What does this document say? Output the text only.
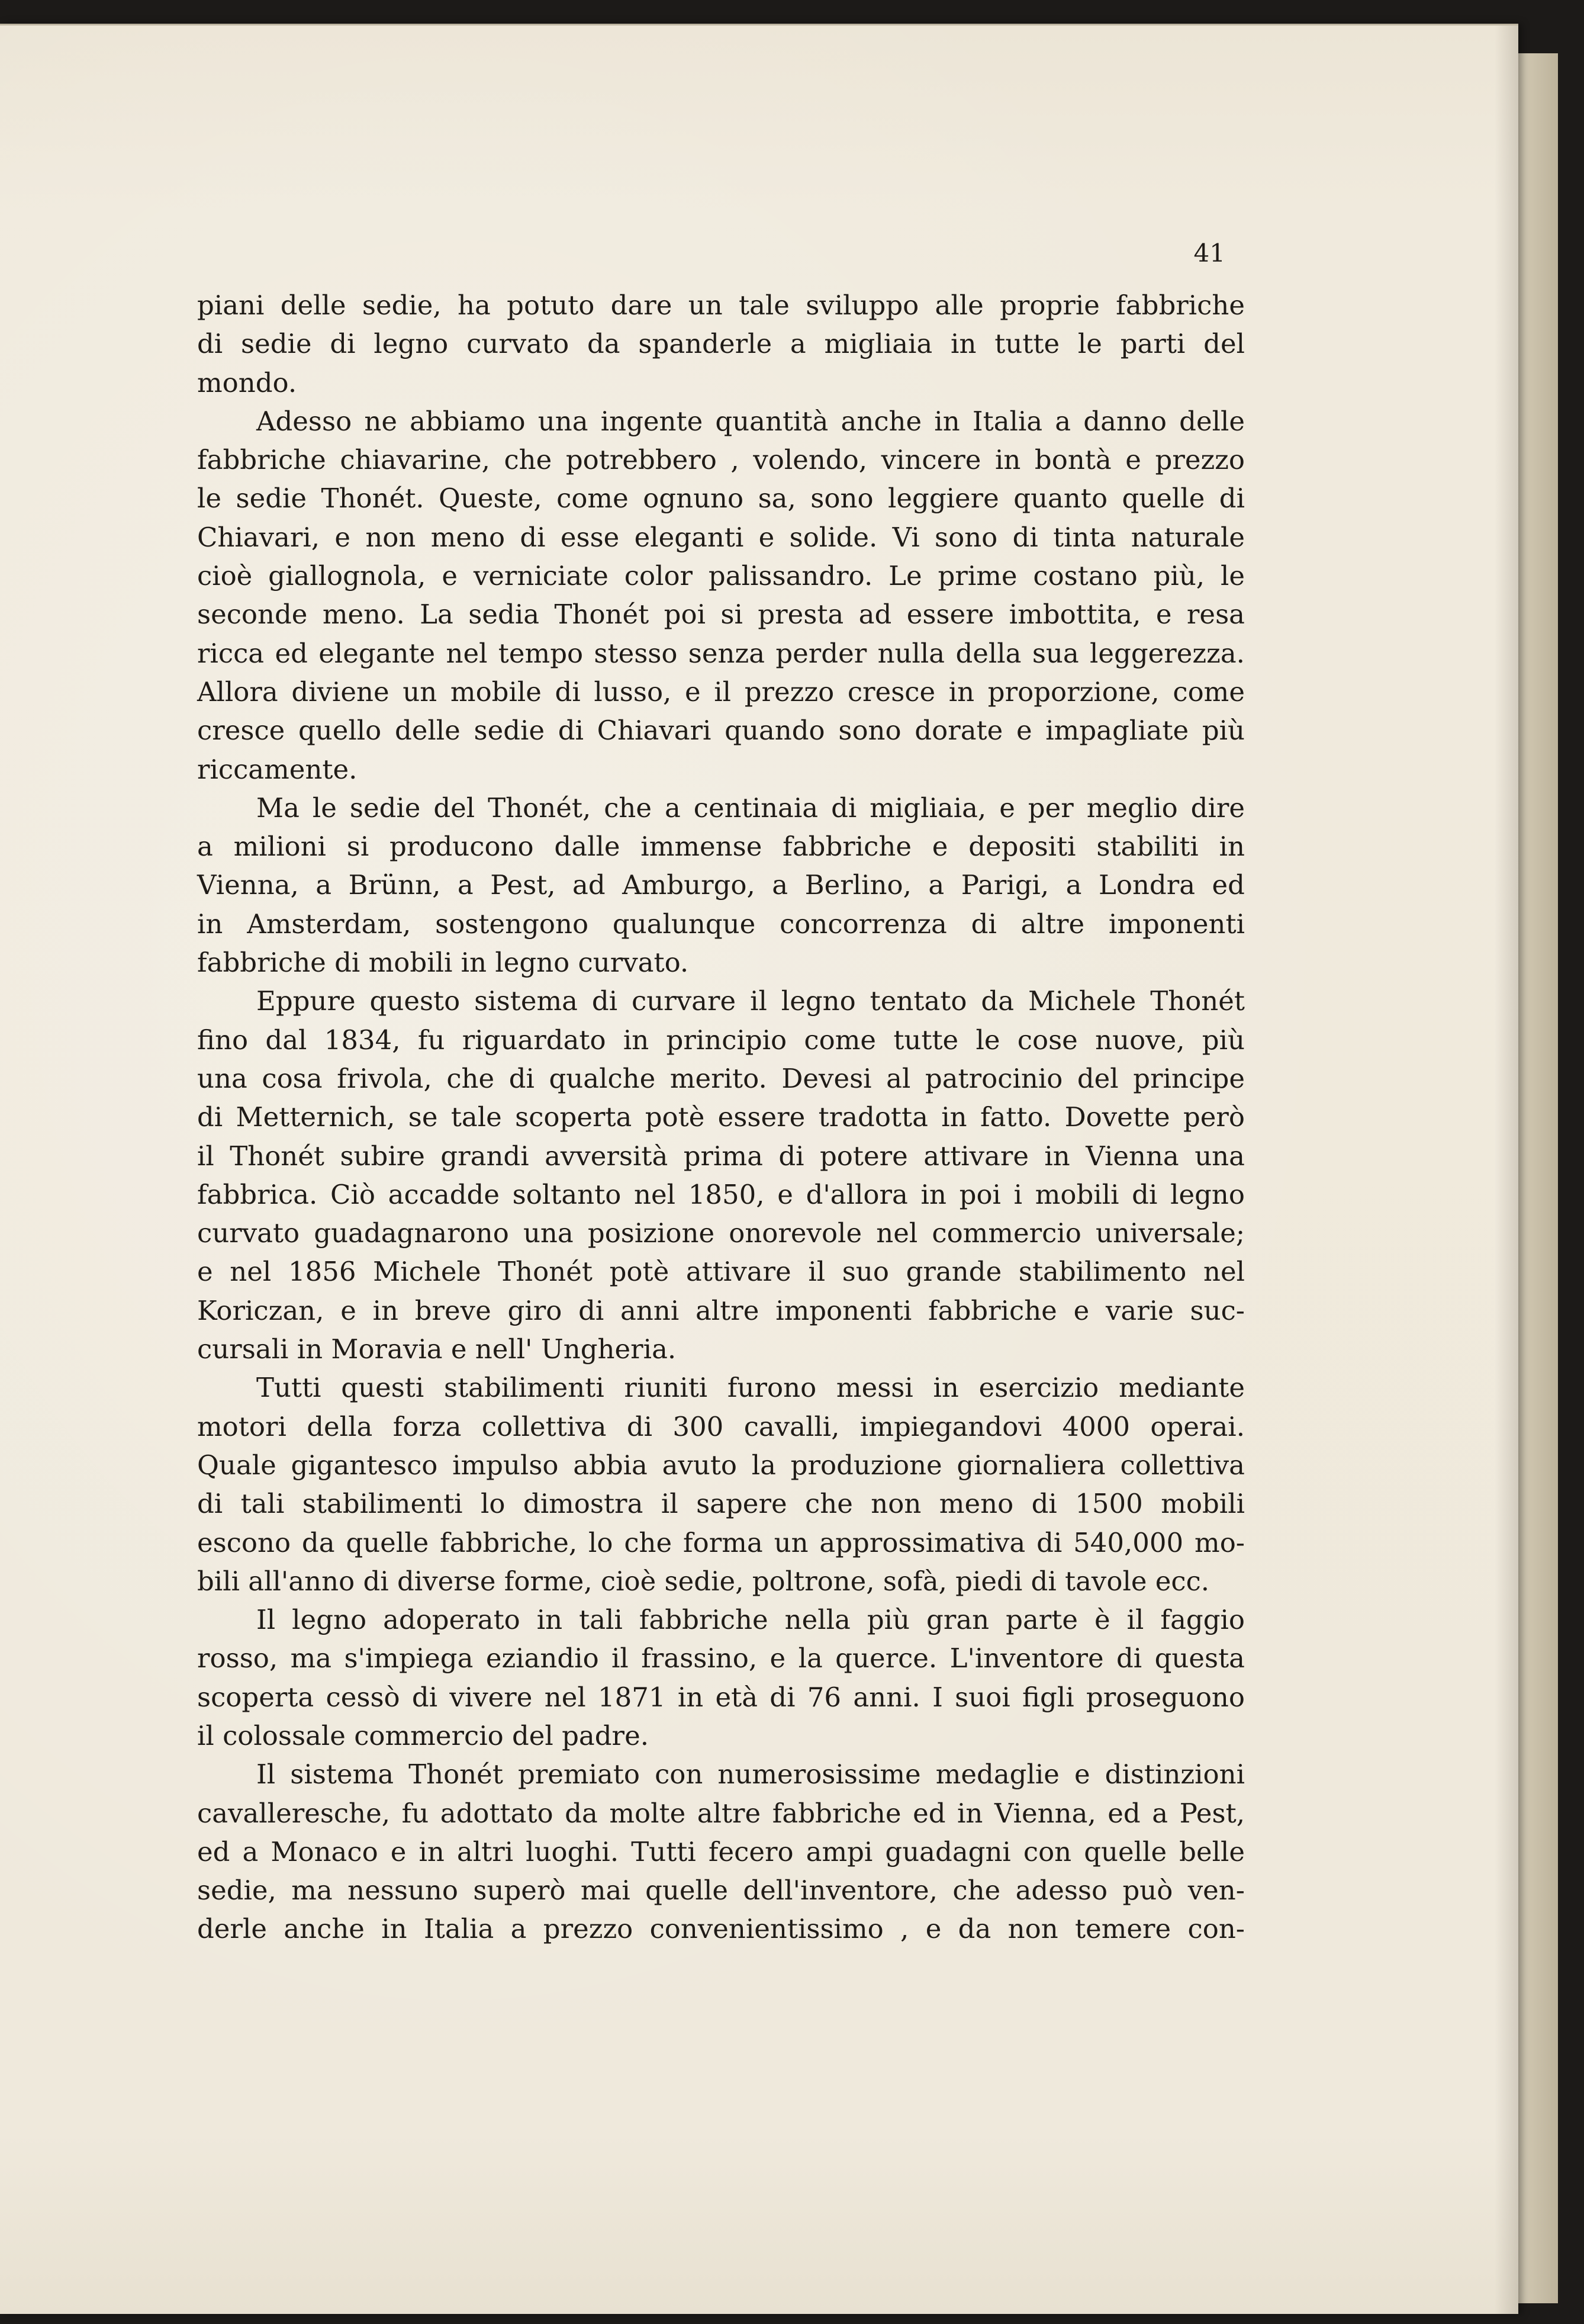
41
piani delle sedie, ha potuto dare un tale sviluppo alle proprie fabbriche
di sedie di legno curvato da spanderle a migliaia in tutte le parti del
mondo.
Adesso ne abbiamo una ingente quantità anche in Italia a danno delle
fabbriche chiavarine, che potrebbero , volendo, vincere in bontà e prezzo
le sedie Thonét. Queste, come ognuno sa, sono leggiere quanto quelle di
Chiavari, e non meno di esse eleganti e solide. Vi sono di tinta naturale
cioè giallognola, e verniciate color palissandro. Le prime costano più, le
seconde meno. La sedia Thonét poi si presta ad essere imbottita, e resa
ricca ed elegante nel tempo stesso senza perder nulla della sua leggerezza.
Allora diviene un mobile di lusso, e il prezzo cresce in proporzione, come
cresce quello delle sedie di Chiavari quando sono dorate e impagliate più
riccamente.
Ma le sedie del Thonét, che a centinaia di migliaia, e per meglio dire
a milioni si producono dalle immense fabbriche e depositi stabiliti in
Vienna, a Brünn, a Pest, ad Amburgo, a Berlino, a Parigi, a Londra ed
in Amsterdam, sostengono qualunque concorrenza di altre imponenti
fabbriche di mobili in legno curvato.
Eppure questo sistema di curvare il legno tentato da Michele Thonét
fino dal 1834, fu riguardato in principio come tutte le cose nuove, più
una cosa frivola, che di qualche merito. Devesi al patrocinio del principe
di Metternich, se tale scoperta potè essere tradotta in fatto. Dovette però
il Thonét subire grandi avversità prima di potere attivare in Vienna una
fabbrica. Ciò accadde soltanto nel 1850, e d'allora in poi i mobili di legno
curvato guadagnarono una posizione onorevole nel commercio universale;
e nel 1856 Michele Thonét potè attivare il suo grande stabilimento nel
Koriczan, e in breve giro di anni altre imponenti fabbriche e varie suc-
cursali in Moravia e nell' Ungheria.
Tutti questi stabilimenti riuniti furono messi in esercizio mediante
motori della forza collettiva di 300 cavalli, impiegandovi 4000 operai.
Quale gigantesco impulso abbia avuto la produzione giornaliera collettiva
di tali stabilimenti lo dimostra il sapere che non meno di 1500 mobili
escono da quelle fabbriche, lo che forma un approssimativa di 540,000 mo-
bili all'anno di diverse forme, cioè sedie, poltrone, sofà, piedi di tavole ecc.
Il legno adoperato in tali fabbriche nella più gran parte è il faggio
rosso, ma s'impiega eziandio il frassino, e la querce. L'inventore di questa
scoperta cessò di vivere nel 1871 in età di 76 anni. I suoi figli proseguono
il colossale commercio del padre.
Il sistema Thonét premiato con numerosissime medaglie e distinzioni
cavalleresche, fu adottato da molte altre fabbriche ed in Vienna, ed a Pest,
ed a Monaco e in altri luoghi. Tutti fecero ampi guadagni con quelle belle
sedie, ma nessuno superò mai quelle dell'inventore, che adesso può ven-
derle anche in Italia a prezzo convenientissimo , e da non temere con-
